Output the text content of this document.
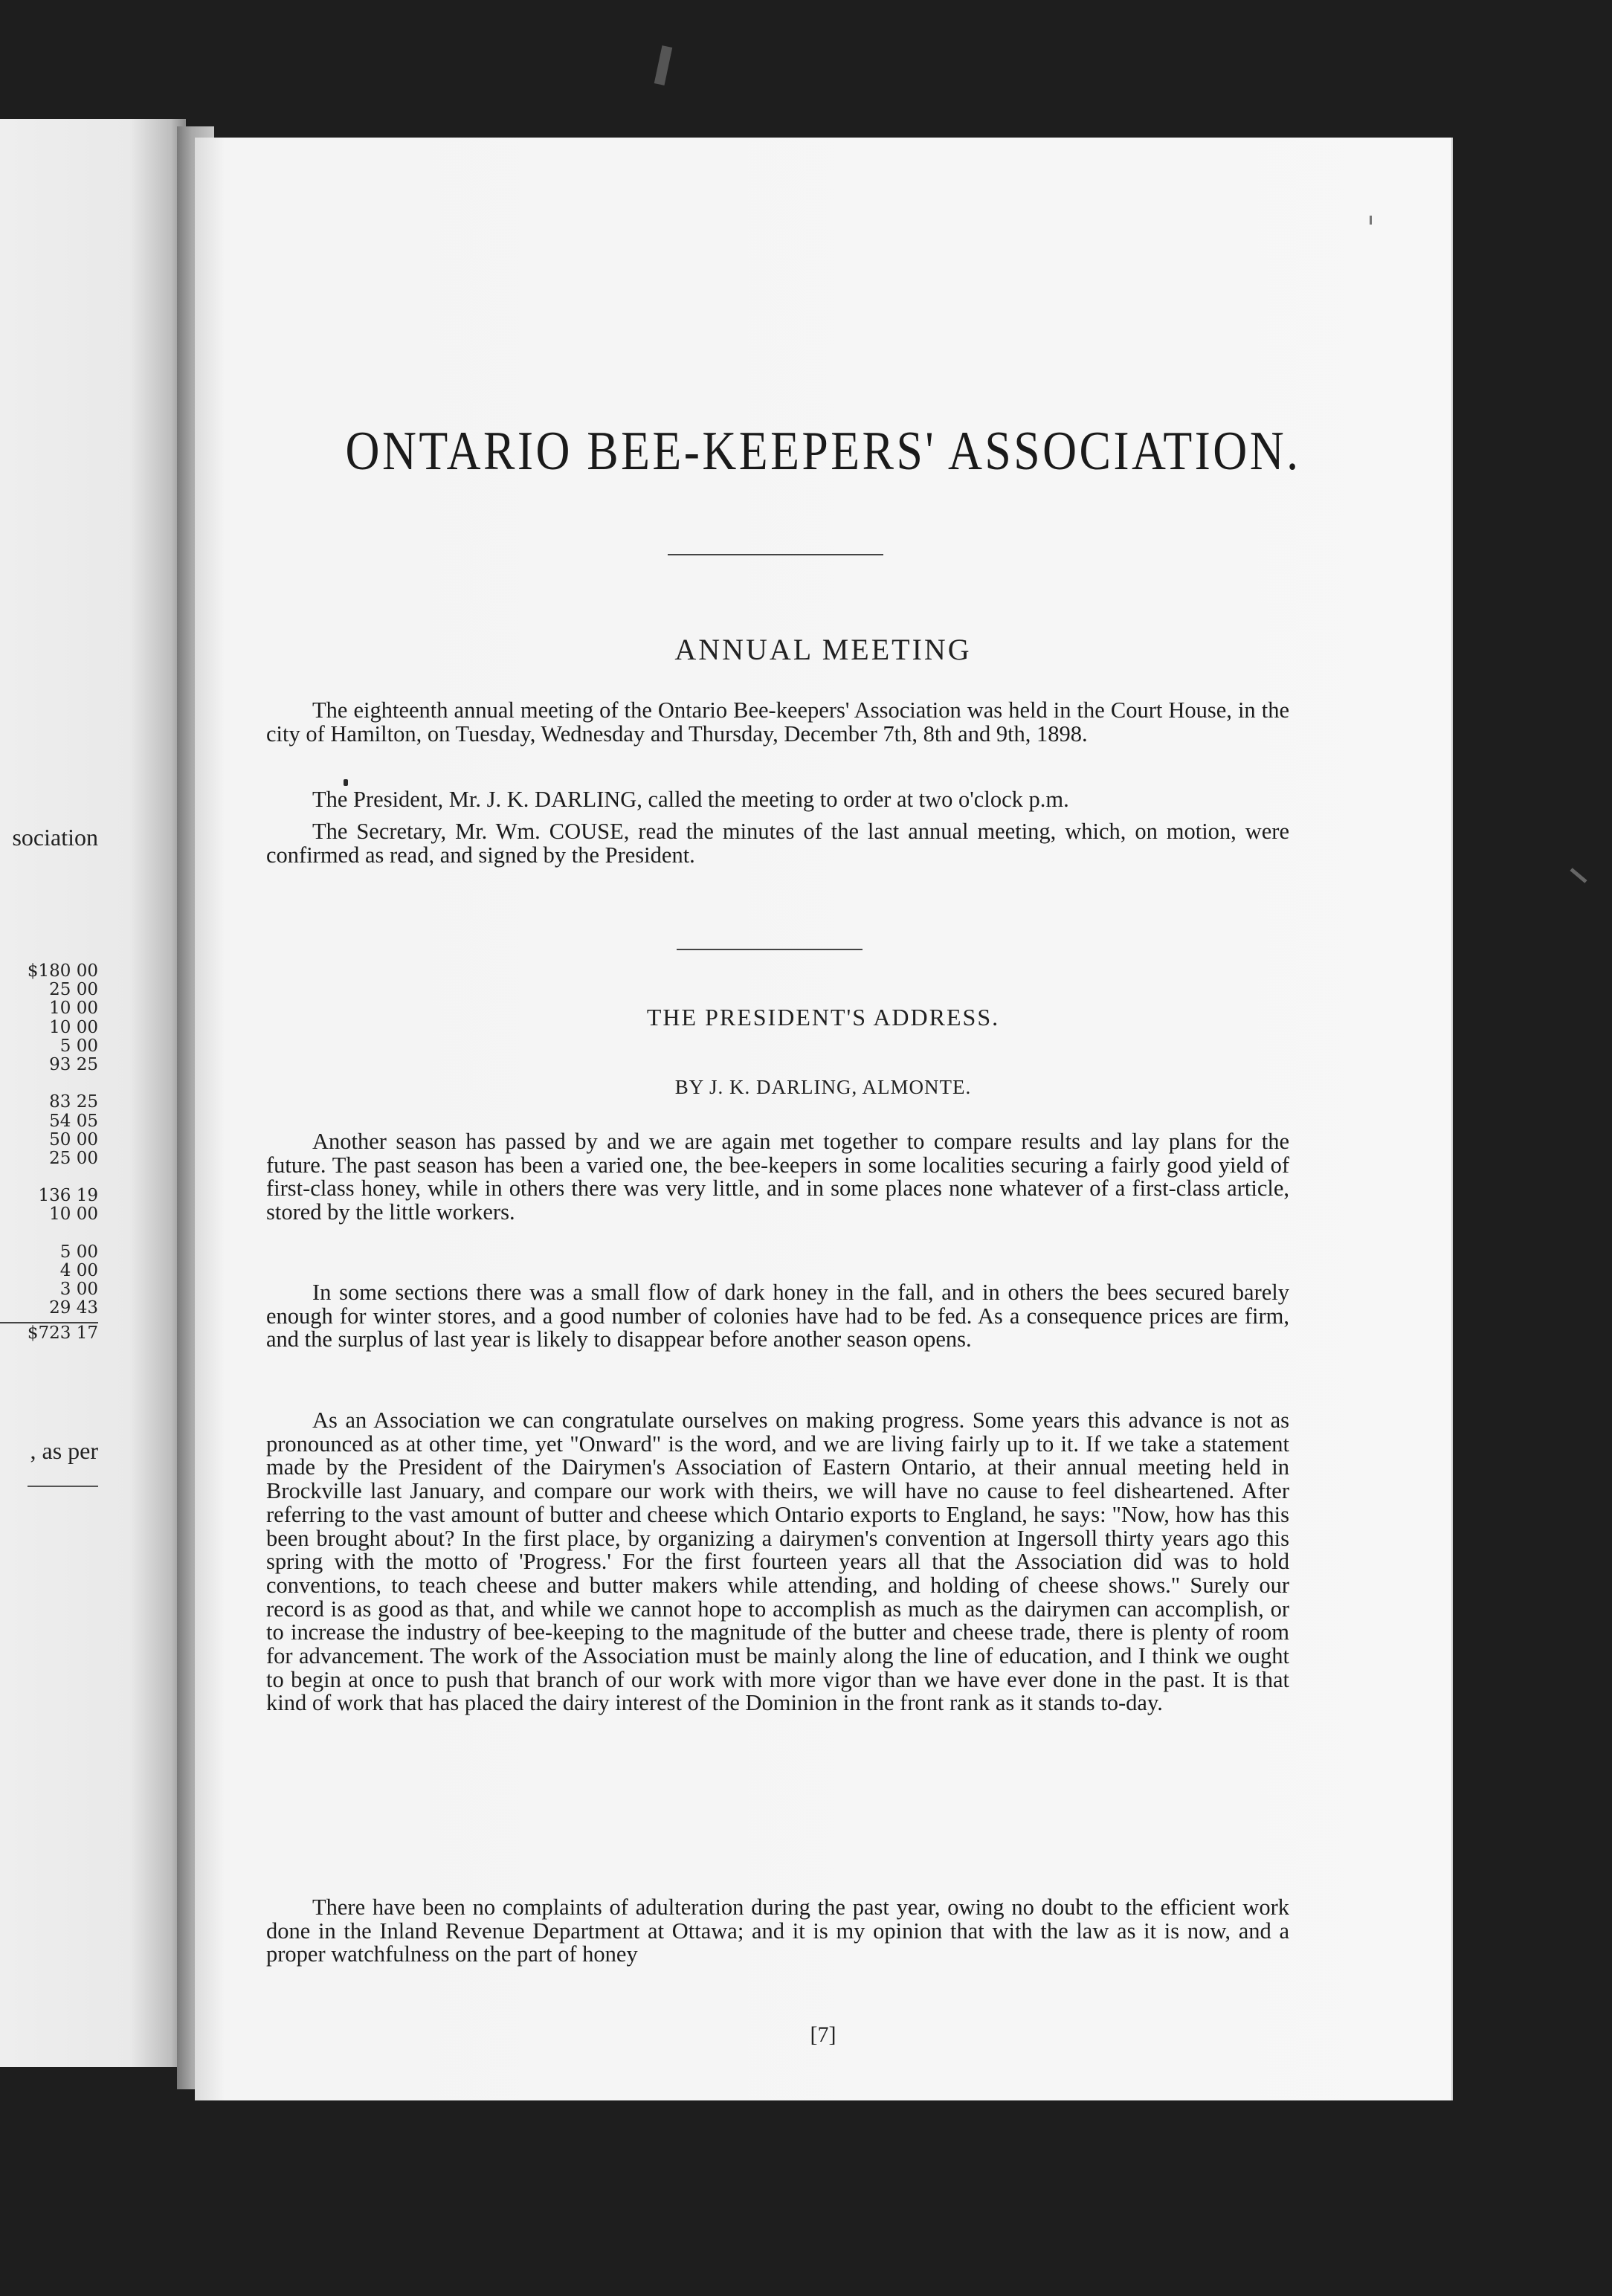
sociation
$180 00
25 00
10 00
10 00
5 00
93 25
83 25
54 05
50 00
25 00
136 19
10 00
5 00
4 00
3 00
29 43
$723 17
, as per
ONTARIO BEE-KEEPERS' ASSOCIATION.
ANNUAL MEETING

The eighteenth annual meeting of the Ontario Bee-keepers' Association was held in the Court House, in the city of Hamilton, on Tuesday, Wednesday and Thursday, December 7th, 8th and 9th, 1898.

The President, Mr. J. K. DARLING, called the meeting to order at two o'clock p.m.

The Secretary, Mr. Wm. COUSE, read the minutes of the last annual meeting, which, on motion, were confirmed as read, and signed by the President.

THE PRESIDENT'S ADDRESS.
BY J. K. DARLING, ALMONTE.

Another season has passed by and we are again met together to compare results and lay plans for the future. The past season has been a varied one, the bee-keepers in some localities securing a fairly good yield of first-class honey, while in others there was very little, and in some places none whatever of a first-class article, stored by the little workers.

In some sections there was a small flow of dark honey in the fall, and in others the bees secured barely enough for winter stores, and a good number of colonies have had to be fed. As a consequence prices are firm, and the surplus of last year is likely to disappear before another season opens.

As an Association we can congratulate ourselves on making progress. Some years this advance is not as pronounced as at other time, yet "Onward" is the word, and we are living fairly up to it. If we take a statement made by the President of the Dairymen's Association of Eastern Ontario, at their annual meeting held in Brockville last January, and compare our work with theirs, we will have no cause to feel disheartened. After referring to the vast amount of butter and cheese which Ontario exports to England, he says: "Now, how has this been brought about? In the first place, by organizing a dairymen's convention at Ingersoll thirty years ago this spring with the motto of 'Progress.' For the first fourteen years all that the Association did was to hold conventions, to teach cheese and butter makers while attending, and holding of cheese shows." Surely our record is as good as that, and while we cannot hope to accomplish as much as the dairymen can accomplish, or to increase the industry of bee-keeping to the magnitude of the butter and cheese trade, there is plenty of room for advancement. The work of the Association must be mainly along the line of education, and I think we ought to begin at once to push that branch of our work with more vigor than we have ever done in the past. It is that kind of work that has placed the dairy interest of the Dominion in the front rank as it stands to-day.

There have been no complaints of adulteration during the past year, owing no doubt to the efficient work done in the Inland Revenue Department at Ottawa; and it is my opinion that with the law as it is now, and a proper watchfulness on the part of honey

[7]
